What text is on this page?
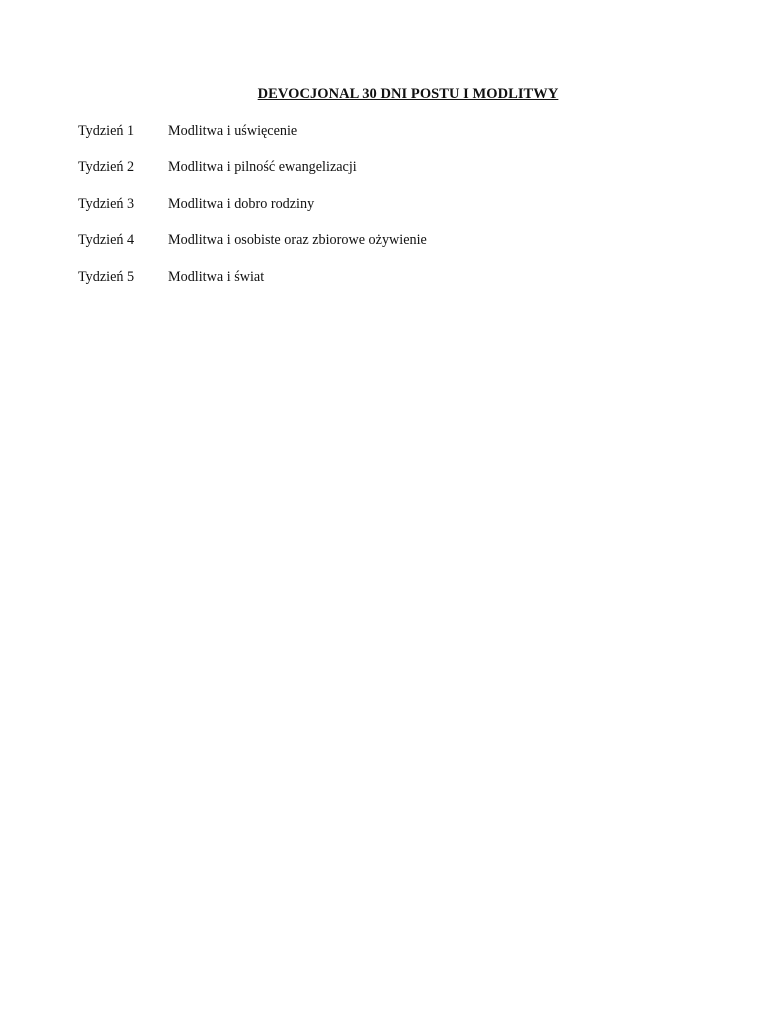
DEVOCJONAL 30 DNI POSTU I MODLITWY
Tydzień 1	Modlitwa i uświęcenie
Tydzień 2	Modlitwa i pilność ewangelizacji
Tydzień 3	Modlitwa i dobro rodziny
Tydzień 4	Modlitwa i osobiste oraz zbiorowe ożywienie
Tydzień 5	Modlitwa i świat
